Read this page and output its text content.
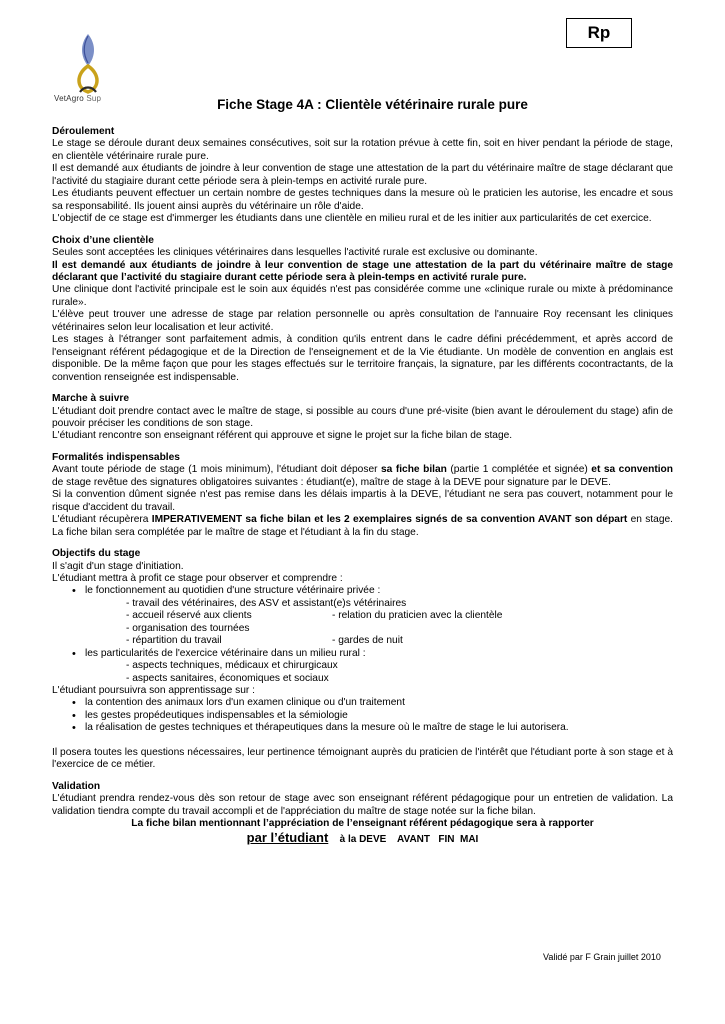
Rp
VetAgro Sup	Fiche Stage 4A : Clientèle vétérinaire rurale pure

Déroulement

Le stage se déroule durant deux semaines consécutives, soit sur la rotation prévue à cette fin, soit en hiver pendant la période de stage, en clientèle vétérinaire rurale pure.

Il est demandé aux étudiants de joindre à leur convention de stage une attestation de la part du vétérinaire maître de stage déclarant que l'activité du stagiaire durant cette période sera à plein-temps en activité rurale pure.

Les étudiants peuvent effectuer un certain nombre de gestes techniques dans la mesure où le praticien les autorise, les encadre et sous sa responsabilité. Ils jouent ainsi auprès du vétérinaire un rôle d'aide.

L'objectif de ce stage est d'immerger les étudiants dans une clientèle en milieu rural et de les initier aux particularités de cet exercice.

Choix d’une clientèle

Seules sont acceptées les cliniques vétérinaires dans lesquelles l'activité rurale est exclusive ou dominante.

Il est demandé aux étudiants de joindre à leur convention de stage une attestation de la part du vétérinaire maître de stage déclarant que l’activité du stagiaire durant cette période sera à plein-temps en activité rurale pure.

Une clinique dont l'activité principale est le soin aux équidés n'est pas considérée comme une «clinique rurale ou mixte à prédominance rurale».

L'élève peut trouver une adresse de stage par relation personnelle ou après consultation de l'annuaire Roy recensant les cliniques vétérinaires selon leur localisation et leur activité.

Les stages à l'étranger sont parfaitement admis, à condition qu'ils entrent dans le cadre défini précédemment, et après accord de l'enseignant référent pédagogique et de la Direction de l'enseignement et de la Vie étudiante. Un modèle de convention en anglais est disponible. De la même façon que pour les stages effectués sur le territoire français, la signature, par les différents cocontractants, de la convention renseignée est indispensable.

Marche à suivre

L'étudiant doit prendre contact avec le maître de stage, si possible au cours d'une pré-visite (bien avant le déroulement du stage) afin de pouvoir préciser les conditions de son stage.

L'étudiant rencontre son enseignant référent qui approuve et signe le projet sur la fiche bilan de stage.

Formalités indispensables

Avant toute période de stage (1 mois minimum), l'étudiant doit déposer sa fiche bilan (partie 1 complétée et signée) et sa convention de stage revêtue des signatures obligatoires suivantes : étudiant(e), maître de stage à la DEVE pour signature par le DEVE.

Si la convention dûment signée n'est pas remise dans les délais impartis à la DEVE, l'étudiant ne sera pas couvert, notamment pour le risque d'accident du travail.

L'étudiant récupèrera IMPERATIVEMENT sa fiche bilan et les 2 exemplaires signés de sa convention AVANT son départ en stage. La fiche bilan sera complétée par le maître de stage et l'étudiant à la fin du stage.

Objectifs du stage

Il s'agit d'un stage d'initiation.

L'étudiant mettra à profit ce stage pour observer et comprendre :

• le fonctionnement au quotidien d'une structure vétérinaire privée :
- travail des vétérinaires, des ASV et assistant(e)s vétérinaires
- accueil réservé aux clients	- relation du praticien avec la clientèle
- organisation des tournées
- répartition du travail	- gardes de nuit
• les particularités de l'exercice vétérinaire dans un milieu rural :
- aspects techniques, médicaux et chirurgicaux
- aspects sanitaires, économiques et sociaux

L'étudiant poursuivra son apprentissage sur :

• la contention des animaux lors d'un examen clinique ou d'un traitement
• les gestes propédeutiques indispensables et la sémiologie
• la réalisation de gestes techniques et thérapeutiques dans la mesure où le maître de stage le lui autorisera.

Il posera toutes les questions nécessaires, leur pertinence témoignant auprès du praticien de l'intérêt que l'étudiant porte à son stage et à l'exercice de ce métier.

Validation

L'étudiant prendra rendez-vous dès son retour de stage avec son enseignant référent pédagogique pour un entretien de validation. La validation tiendra compte du travail accompli et de l'appréciation du maître de stage notée sur la fiche bilan.

La fiche bilan mentionnant l’appréciation de l’enseignant référent pédagogique sera à rapporter

par l’étudiant à la DEVE    AVANT   FIN  MAI
Validé par F Grain juillet 2010
